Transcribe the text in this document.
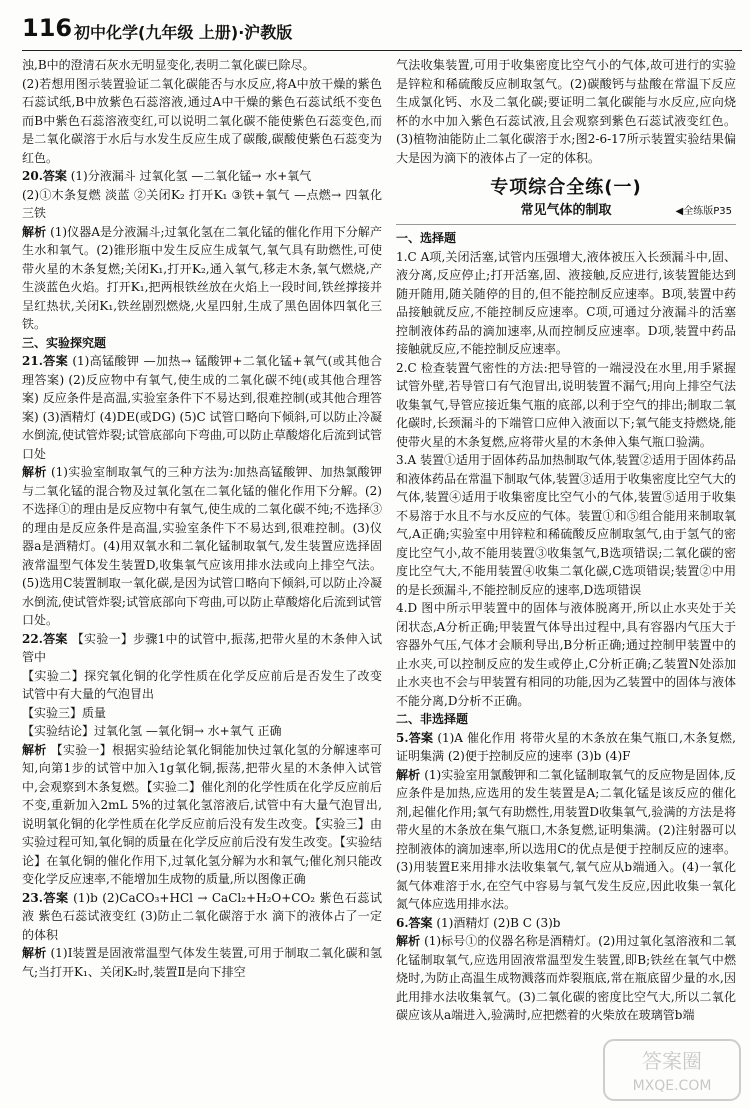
116 初中化学(九年级 上册)·沪教版

浊,B中的澄清石灰水无明显变化,表明二氧化碳已除尽。

(2)若想用图示装置验证二氧化碳能否与水反应,将A中放干燥的紫色石蕊试纸,B中放紫色石蕊溶液,通过A中干燥的紫色石蕊试纸不变色而B中紫色石蕊溶液变红,可以说明二氧化碳不能使紫色石蕊变色,而是二氧化碳溶于水后与水发生反应生成了碳酸,碳酸使紫色石蕊变为红色。

20.答案 (1)分液漏斗 过氧化氢 —二氧化锰→ 水+氧气

(2)①木条复燃 淡蓝 ②关闭K₂ 打开K₁ ③铁+氧气 —点燃→ 四氧化三铁

解析 (1)仪器A是分液漏斗;过氧化氢在二氧化锰的催化作用下分解产生水和氧气。(2)锥形瓶中发生反应生成氧气,氧气具有助燃性,可使带火星的木条复燃;关闭K₁,打开K₂,通入氧气,移走木条,氧气燃烧,产生淡蓝色火焰。打开K₁,把两根铁丝放在火焰上一段时间,铁丝撑接并呈红热状,关闭K₁,铁丝剧烈燃烧,火星四射,生成了黑色固体四氧化三铁。

三、实验探究题

21.答案 (1)高锰酸钾 —加热→ 锰酸钾+二氧化锰+氧气(或其他合理答案) (2)反应物中有氧气,使生成的二氧化碳不纯(或其他合理答案) 反应条件是高温,实验室条件下不易达到,很难控制(或其他合理答案) (3)酒精灯 (4)DE(或DG) (5)C 试管口略向下倾斜,可以防止冷凝水倒流,使试管炸裂;试管底部向下弯曲,可以防止草酸熔化后流到试管口处

解析 (1)实验室制取氧气的三种方法为:加热高锰酸钾、加热氯酸钾与二氧化锰的混合物及过氧化氢在二氧化锰的催化作用下分解。(2)不选择①的理由是反应物中有氧气,使生成的二氧化碳不纯;不选择③的理由是反应条件是高温,实验室条件下不易达到,很难控制。(3)仪器a是酒精灯。(4)用双氧水和二氧化锰制取氧气,发生装置应选择固液常温型气体发生装置D,收集氧气应该用排水法或向上排空气法。(5)选用C装置制取一氧化碳,是因为试管口略向下倾斜,可以防止冷凝水倒流,使试管炸裂;试管底部向下弯曲,可以防止草酸熔化后流到试管口处。

22.答案 【实验一】步骤1中的试管中,振荡,把带火星的木条伸入试管中

【实验二】探究氧化铜的化学性质在化学反应前后是否发生了改变 试管中有大量的气泡冒出

【实验三】质量

【实验结论】过氧化氢 —氧化铜→ 水+氧气 正确

解析 【实验一】根据实验结论氧化铜能加快过氧化氢的分解速率可知,向第1步的试管中加入1g氧化铜,振荡,把带火星的木条伸入试管中,会观察到木条复燃。【实验二】催化剂的化学性质在化学反应前后不变,重新加入2mL 5%的过氧化氢溶液后,试管中有大量气泡冒出,说明氧化铜的化学性质在化学反应前后没有发生改变。【实验三】由实验过程可知,氧化铜的质量在化学反应前后没有发生改变。【实验结论】在氧化铜的催化作用下,过氧化氢分解为水和氧气;催化剂只能改变化学反应速率,不能增加生成物的质量,所以图像正确

23.答案 (1)b (2)CaCO₃+HCl → CaCl₂+H₂O+CO₂ 紫色石蕊试液 紫色石蕊试液变红 (3)防止二氧化碳溶于水 滴下的液体占了一定的体积

解析 (1)Ⅰ装置是固液常温型气体发生装置,可用于制取二氧化碳和氢气;当打开K₁、关闭K₂时,装置Ⅱ是向下排空

气法收集装置,可用于收集密度比空气小的气体,故可进行的实验是锌粒和稀硫酸反应制取氢气。(2)碳酸钙与盐酸在常温下反应生成氯化钙、水及二氧化碳;要证明二氧化碳能与水反应,应向烧杯的水中加入紫色石蕊试液,且会观察到紫色石蕊试液变红色。(3)植物油能防止二氧化碳溶于水;图2-6-17所示装置实验结果偏大是因为滴下的液体占了一定的体积。

专项综合全练(一)
常见气体的制取	◀全练版P35

一、选择题

1.C A项,关闭活塞,试管内压强增大,液体被压入长颈漏斗中,固、液分离,反应停止;打开活塞,固、液接触,反应进行,该装置能达到随开随用,随关随停的目的,但不能控制反应速率。B项,装置中药品接触就反应,不能控制反应速率。C项,可通过分液漏斗的活塞控制液体药品的滴加速率,从而控制反应速率。D项,装置中药品接触就反应,不能控制反应速率。

2.C 检查装置气密性的方法:把导管的一端浸没在水里,用手紧握试管外壁,若导管口有气泡冒出,说明装置不漏气;用向上排空气法收集氧气,导管应接近集气瓶的底部,以利于空气的排出;制取二氧化碳时,长颈漏斗的下端管口应伸入液面以下;氧气能支持燃烧,能使带火星的木条复燃,应将带火星的木条伸入集气瓶口验满。

3.A 装置①适用于固体药品加热制取气体,装置②适用于固体药品和液体药品在常温下制取气体,装置③适用于收集密度比空气大的气体,装置④适用于收集密度比空气小的气体,装置⑤适用于收集不易溶于水且不与水反应的气体。装置①和⑤组合能用来制取氧气,A正确;实验室中用锌粒和稀硫酸反应制取氢气,由于氢气的密度比空气小,故不能用装置③收集氢气,B选项错误;二氧化碳的密度比空气大,不能用装置④收集二氧化碳,C选项错误;装置②中用的是长颈漏斗,不能控制反应的速率,D选项错误

4.D 图中所示甲装置中的固体与液体脱离开,所以止水夹处于关闭状态,A分析正确;甲装置气体导出过程中,具有容器内气压大于容器外气压,气体才会顺利导出,B分析正确;通过控制甲装置中的止水夹,可以控制反应的发生或停止,C分析正确;乙装置N处添加止水夹也不会与甲装置有相同的功能,因为乙装置中的固体与液体不能分离,D分析不正确。

二、非选择题

5.答案 (1)A 催化作用 将带火星的木条放在集气瓶口,木条复燃,证明集满 (2)便于控制反应的速率 (3)b (4)F

解析 (1)实验室用氯酸钾和二氧化锰制取氧气的反应物是固体,反应条件是加热,应选用的发生装置是A;二氧化锰是该反应的催化剂,起催化作用;氧气有助燃性,用装置D收集氧气,验满的方法是将带火星的木条放在集气瓶口,木条复燃,证明集满。(2)注射器可以控制液体的滴加速率,所以选用C的优点是便于控制反应的速率。(3)用装置E来用排水法收集氧气,氧气应从b端通入。(4)一氧化氮气体难溶于水,在空气中容易与氧气发生反应,因此收集一氧化氮气体应选用排水法。

6.答案 (1)酒精灯 (2)B C (3)b

解析 (1)标号①的仪器名称是酒精灯。(2)用过氧化氢溶液和二氧化锰制取氧气,应选用固液常温型发生装置,即B;铁丝在氧气中燃烧时,为防止高温生成物溅落而炸裂瓶底,常在瓶底留少量的水,因此用排水法收集氧气。(3)二氧化碳的密度比空气大,所以二氧化碳应该从a端进入,验满时,应把燃着的火柴放在玻璃管b端

答案圈
MXQE.COM
